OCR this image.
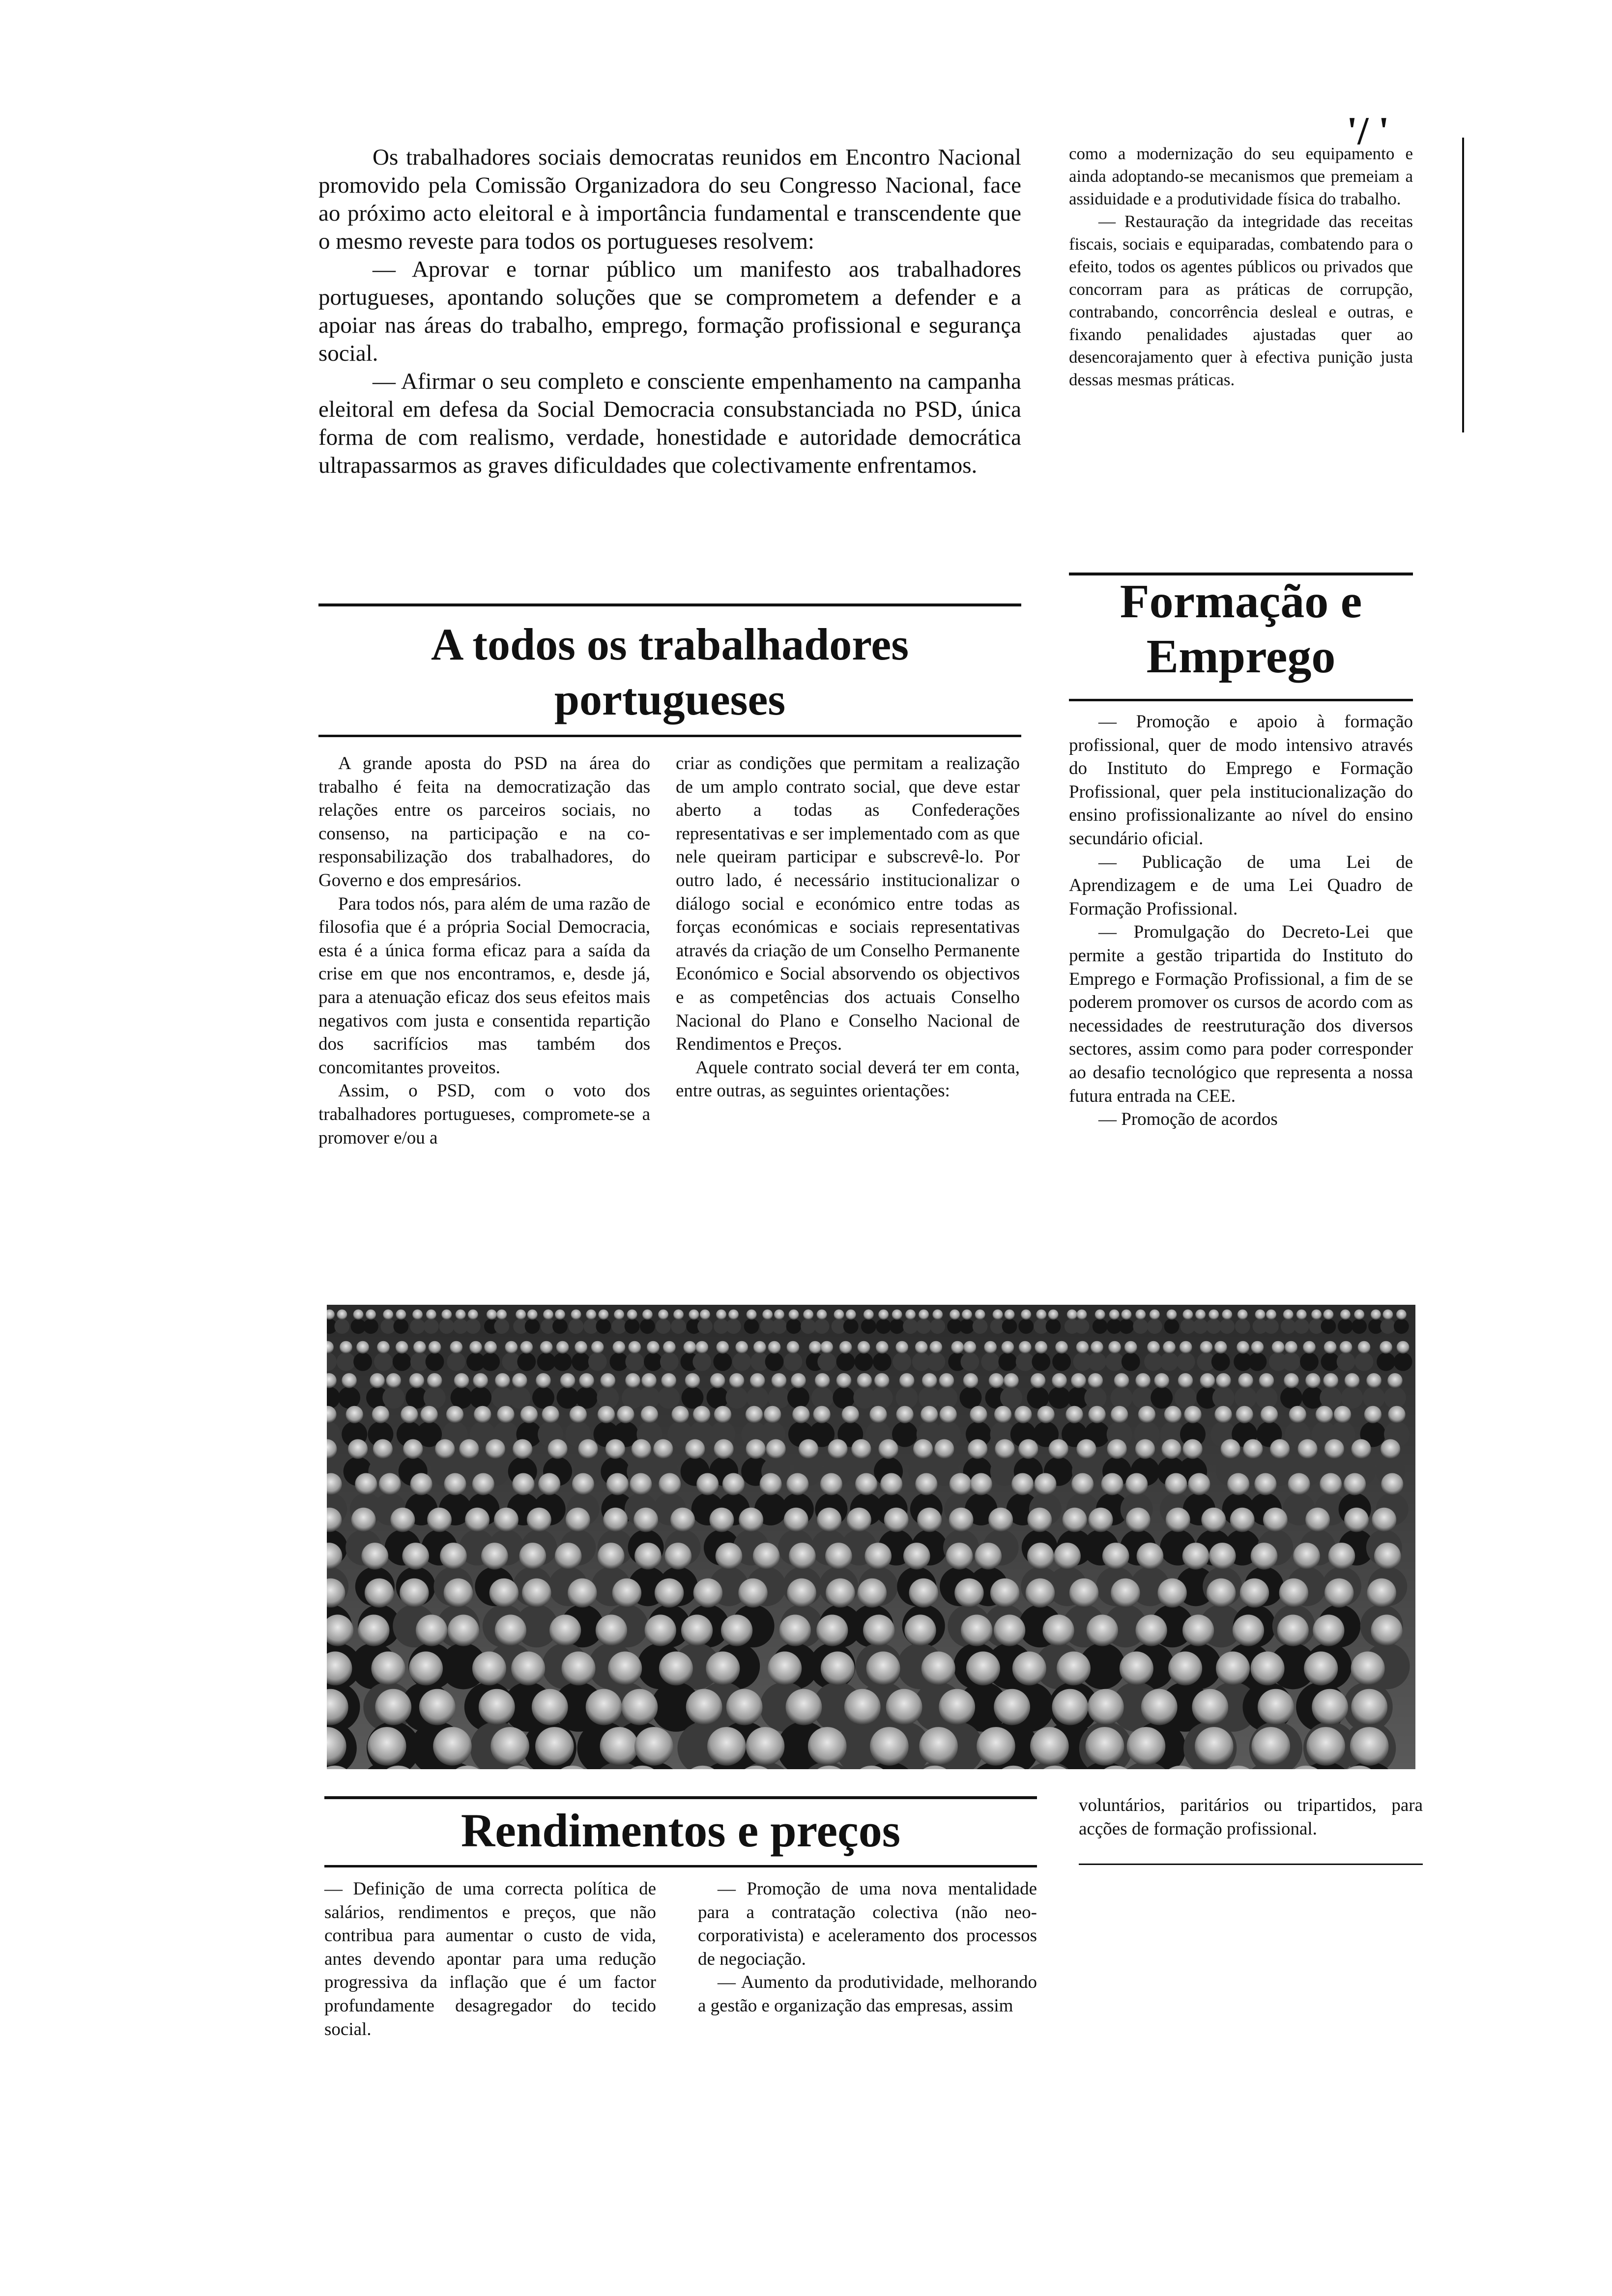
'/ '

Os trabalhadores sociais democratas reunidos em Encontro Nacional promovido pela Comissão Organizadora do seu Congresso Nacional, face ao próximo acto eleitoral e à importância fundamental e transcendente que o mesmo reveste para todos os portugueses resolvem:

— Aprovar e tornar público um manifesto aos trabalhadores portugueses, apontando soluções que se comprometem a defender e a apoiar nas áreas do trabalho, emprego, formação profissional e segurança social.

— Afirmar o seu completo e consciente empenhamento na campanha eleitoral em defesa da Social Democracia consubstanciada no PSD, única forma de com realismo, verdade, honestidade e autoridade democrática ultrapassarmos as graves dificuldades que colectivamente enfrentamos.

como a modernização do seu equipamento e ainda adoptando-se mecanismos que premeiam a assiduidade e a produtividade física do trabalho.

— Restauração da integridade das receitas fiscais, sociais e equiparadas, combatendo para o efeito, todos os agentes públicos ou privados que concorram para as práticas de corrupção, contrabando, concorrência desleal e outras, e fixando penalidades ajustadas quer ao desencorajamento quer à efectiva punição justa dessas mesmas práticas.

A todos os trabalhadores portugueses
Formação e Emprego
Rendimentos e preços

A grande aposta do PSD na área do trabalho é feita na democratização das relações entre os parceiros sociais, no consenso, na participação e na co-responsabilização dos trabalhadores, do Governo e dos empresários.

Para todos nós, para além de uma razão de filosofia que é a própria Social Democracia, esta é a única forma eficaz para a saída da crise em que nos encontramos, e, desde já, para a atenuação eficaz dos seus efeitos mais negativos com justa e consentida repartição dos sacrifícios mas também dos concomitantes proveitos.

Assim, o PSD, com o voto dos trabalhadores portugueses, compromete-se a promover e/ou a

criar as condições que permitam a realização de um amplo contrato social, que deve estar aberto a todas as Confederações representativas e ser implementado com as que nele queiram participar e subscrevê-lo. Por outro lado, é necessário institucionalizar o diálogo social e económico entre todas as forças económicas e sociais representativas através da criação de um Conselho Permanente Económico e Social absorvendo os objectivos e as competências dos actuais Conselho Nacional do Plano e Conselho Nacional de Rendimentos e Preços.

Aquele contrato social deverá ter em conta, entre outras, as seguintes orientações:

— Promoção e apoio à formação profissional, quer de modo intensivo através do Instituto do Emprego e Formação Profissional, quer pela institucionalização do ensino profissionalizante ao nível do ensino secundário oficial.

— Publicação de uma Lei de Aprendizagem e de uma Lei Quadro de Formação Profissional.

— Promulgação do Decreto-Lei que permite a gestão tripartida do Instituto do Emprego e Formação Profissional, a fim de se poderem promover os cursos de acordo com as necessidades de reestruturação dos diversos sectores, assim como para poder corresponder ao desafio tecnológico que representa a nossa futura entrada na CEE.

— Promoção de acordos

— Definição de uma correcta política de salários, rendimentos e preços, que não contribua para aumentar o custo de vida, antes devendo apontar para uma redução progressiva da inflação que é um factor profundamente desagregador do tecido social.

— Promoção de uma nova mentalidade para a contratação colectiva (não neo-corporativista) e aceleramento dos processos de negociação.

— Aumento da produtividade, melhorando a gestão e organização das empresas, assim

voluntários, paritários ou tripartidos, para acções de formação profissional.
